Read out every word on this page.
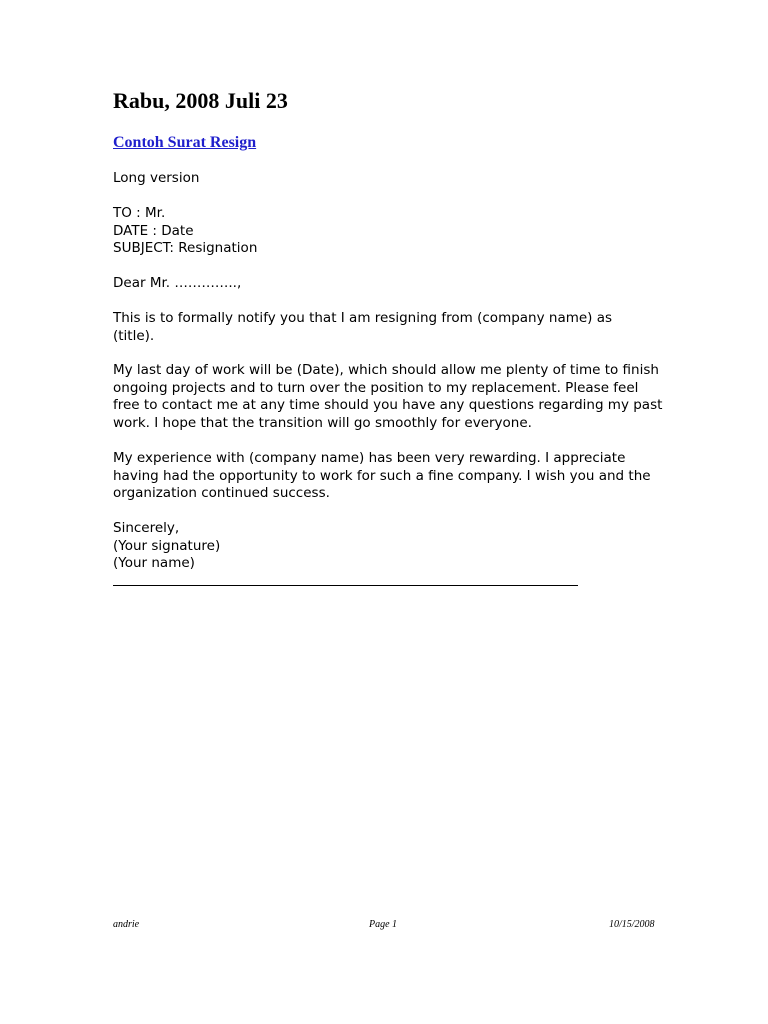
Rabu, 2008 Juli 23
Contoh Surat Resign
Long version
TO : Mr.
DATE : Date
SUBJECT: Resignation
Dear Mr. …………..,
This is to formally notify you that I am resigning from (company name) as (title).
My last day of work will be (Date), which should allow me plenty of time to finish ongoing projects and to turn over the position to my replacement. Please feel free to contact me at any time should you have any questions regarding my past work. I hope that the transition will go smoothly for everyone.
My experience with (company name) has been very rewarding. I appreciate having had the opportunity to work for such a fine company. I wish you and the organization continued success.
Sincerely,
(Your signature)
(Your name)
andrie	Page 1	10/15/2008
